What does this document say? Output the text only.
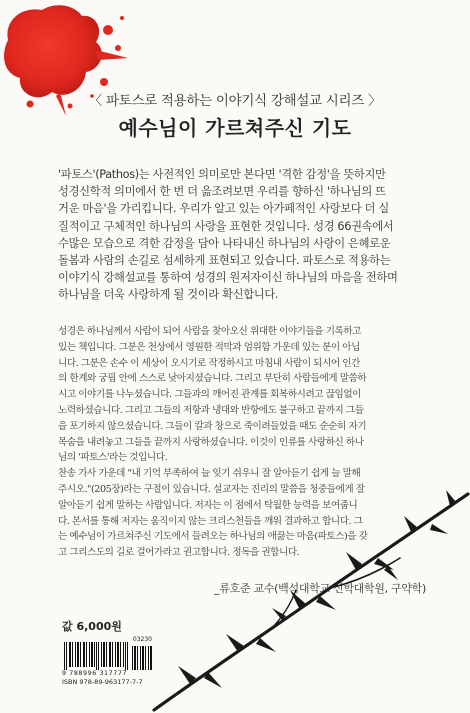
〈 파토스로 적용하는 이야기식 강해설교 시리즈 〉
예수님이 가르쳐주신 기도

'파토스'(Pathos)는 사전적인 의미로만 본다면 '격한 감정'을 뜻하지만
성경신학적 의미에서 한 번 더 읊조려보면 우리를 향하신 '하나님의 뜨
거운 마음'을 가리킵니다. 우리가 알고 있는 아가페적인 사랑보다 더 실
질적이고 구체적인 하나님의 사랑을 표현한 것입니다. 성경 66권속에서
수많은 모습으로 격한 감정을 담아 나타내신 하나님의 사랑이 은혜로운
돌봄과 사람의 손길로 섬세하게 표현되고 있습니다. 파토스로 적용하는
이야기식 강해설교를 통하여 성경의 원저자이신 하나님의 마음을 전하며
하나님을 더욱 사랑하게 될 것이라 확신합니다.

성경은 하나님께서 사람이 되어 사람을 찾아오신 위대한 이야기들을 기록하고
있는 책입니다. 그분은 천상에서 영원한 적막과 엄위함 가운데 있는 분이 아닙
니다. 그분은 손수 이 세상이 오시기로 작정하시고 마침내 사람이 되시어 인간
의 한계와 궁핍 안에 스스로 낮아지셨습니다. 그리고 부단히 사람들에게 말씀하
시고 이야기를 나누셨습니다. 그들과의 깨어진 관계를 회복하시려고 끊임없이
노력하셨습니다. 그리고 그들의 저항과 냉대와 반항에도 불구하고 끝까지 그들
을 포기하지 않으셨습니다. 그들이 칼과 창으로 죽이려들었을 때도 순순히 자기
목숨을 내려놓고 그들을 끝까지 사랑하셨습니다. 이것이 인류를 사랑하신 하나
님의 '파토스'라는 것입니다.
찬송 가사 가운데 "내 기억 부족하여 늘 잊기 쉬우니 잘 알아듣기 쉽게 늘 말해
주시오."(205장)라는 구절이 있습니다. 설교자는 진리의 말씀을 청중들에게 잘
알아듣기 쉽게 말하는 사람입니다. 저자는 이 점에서 탁월한 능력을 보여줍니
다. 본서를 통해 저자는 움직이지 않는 크리스천들을 깨워 결과하고 합니다. 그
는 예수님이 가르쳐주신 기도에서 들려오는 하나님의 애끓는 마음(파토스)을 갖
고 그리스도의 길로 걸어가라고 권고합니다. 정독을 권합니다.

_류호준 교수(백석대학교 신학대학원, 구약학)
값 6,000원
03230
9 788996 317777
ISBN 978-89-963177-7-7
